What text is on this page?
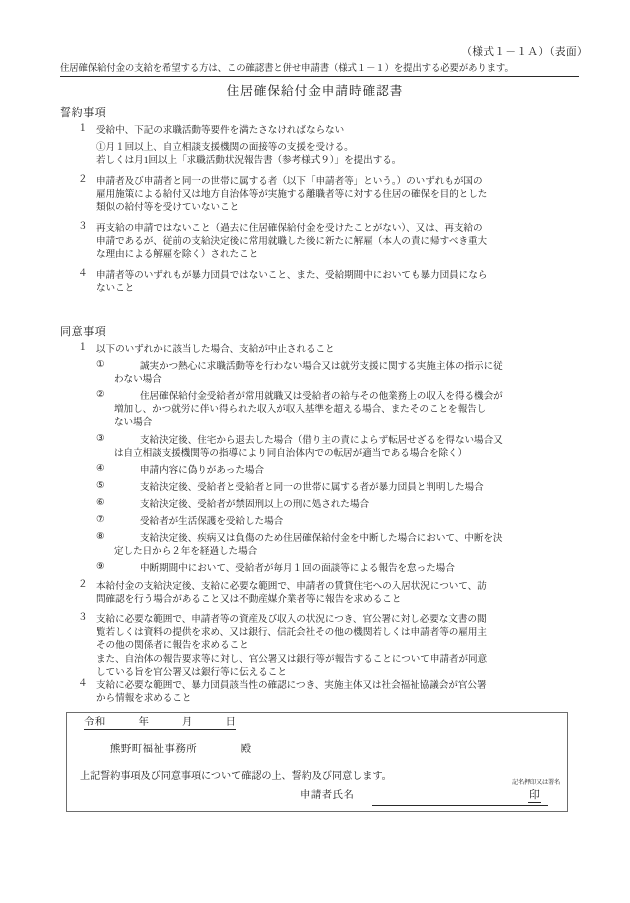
（様式１－１Ａ）（表面）
住居確保給付金の支給を希望する方は、この確認書と併せ申請書（様式１－１）を提出する必要があります。
住居確保給付金申請時確認書
誓約事項
１ 受給中、下記の求職活動等要件を満たさなければならない

①月１回以上、自立相談支援機関の面接等の支援を受ける。

若しくは月1回以上「求職活動状況報告書（参考様式９）」を提出する。

２ 申請者及び申請者と同一の世帯に属する者（以下「申請者等」という。）のいずれもが国の

雇用施策による給付又は地方自治体等が実施する離職者等に対する住居の確保を目的とした

類似の給付等を受けていないこと

３ 再支給の申請ではないこと（過去に住居確保給付金を受けたことがない）、又は、再支給の

申請であるが、従前の支給決定後に常用就職した後に新たに解雇（本人の責に帰すべき重大

な理由による解雇を除く）されたこと

４ 申請者等のいずれもが暴力団員ではないこと、また、受給期間中においても暴力団員になら

ないこと

同意事項
１ 以下のいずれかに該当した場合、支給が中止されること

①	誠実かつ熱心に求職活動等を行わない場合又は就労支援に関する実施主体の指示に従

わない場合

②	住居確保給付金受給者が常用就職又は受給者の給与その他業務上の収入を得る機会が

増加し、かつ就労に伴い得られた収入が収入基準を超える場合、またそのことを報告し

ない場合

③	支給決定後、住宅から退去した場合（借り主の責によらず転居せざるを得ない場合又

は自立相談支援機関等の指導により同自治体内での転居が適当である場合を除く）

④	申請内容に偽りがあった場合

⑤	支給決定後、受給者と受給者と同一の世帯に属する者が暴力団員と判明した場合

⑥	支給決定後、受給者が禁固刑以上の刑に処された場合

⑦	受給者が生活保護を受給した場合

⑧	支給決定後、疾病又は負傷のため住居確保給付金を中断した場合において、中断を決

定した日から２年を経過した場合

⑨	中断期間中において、受給者が毎月１回の面談等による報告を怠った場合

２ 本給付金の支給決定後、支給に必要な範囲で、申請者の賃貸住宅への入居状況について、訪

問確認を行う場合があること又は不動産媒介業者等に報告を求めること

３ 支給に必要な範囲で、申請者等の資産及び収入の状況につき、官公署に対し必要な文書の閲

覧若しくは資料の提供を求め、又は銀行、信託会社その他の機関若しくは申請者等の雇用主

その他の関係者に報告を求めること

また、自治体の報告要求等に対し、官公署又は銀行等が報告することについて申請者が同意

している旨を官公署又は銀行等に伝えること

４ 支給に必要な範囲で、暴力団員該当性の確認につき、実施主体又は社会福祉協議会が官公署

から情報を求めること

令和　　　年　　　月　　　日
熊野町福祉事務所　　　　殿
上記誓約事項及び同意事項について確認の上、誓約及び同意します。
記名押印又は署名
申請者氏名	印
